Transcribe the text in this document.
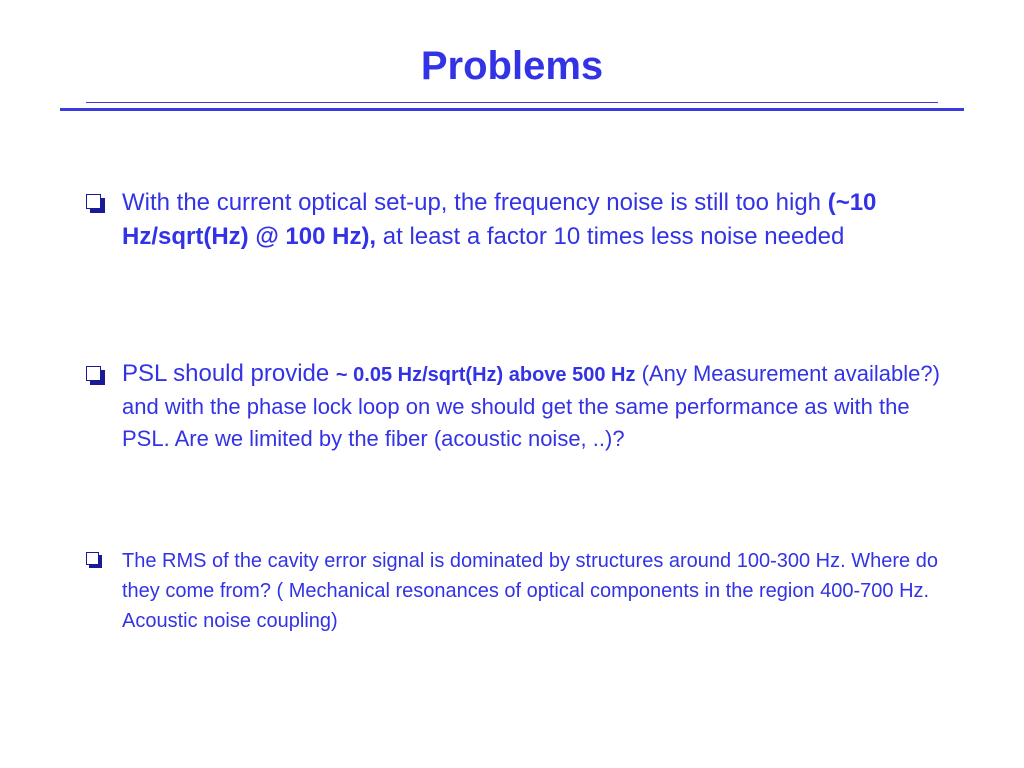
Problems

With the current optical set-up, the frequency noise is still too high (~10 Hz/sqrt(Hz) @ 100 Hz), at least a factor 10 times less noise needed

PSL should provide ~ 0.05 Hz/sqrt(Hz) above 500 Hz (Any Measurement available?) and with the phase lock loop on we should get the same performance as with the PSL. Are we limited by the fiber (acoustic noise, ..)?

The RMS of the cavity error signal is dominated by structures around 100-300 Hz. Where do they come from? ( Mechanical resonances of optical components in the region 400-700 Hz. Acoustic noise coupling)
